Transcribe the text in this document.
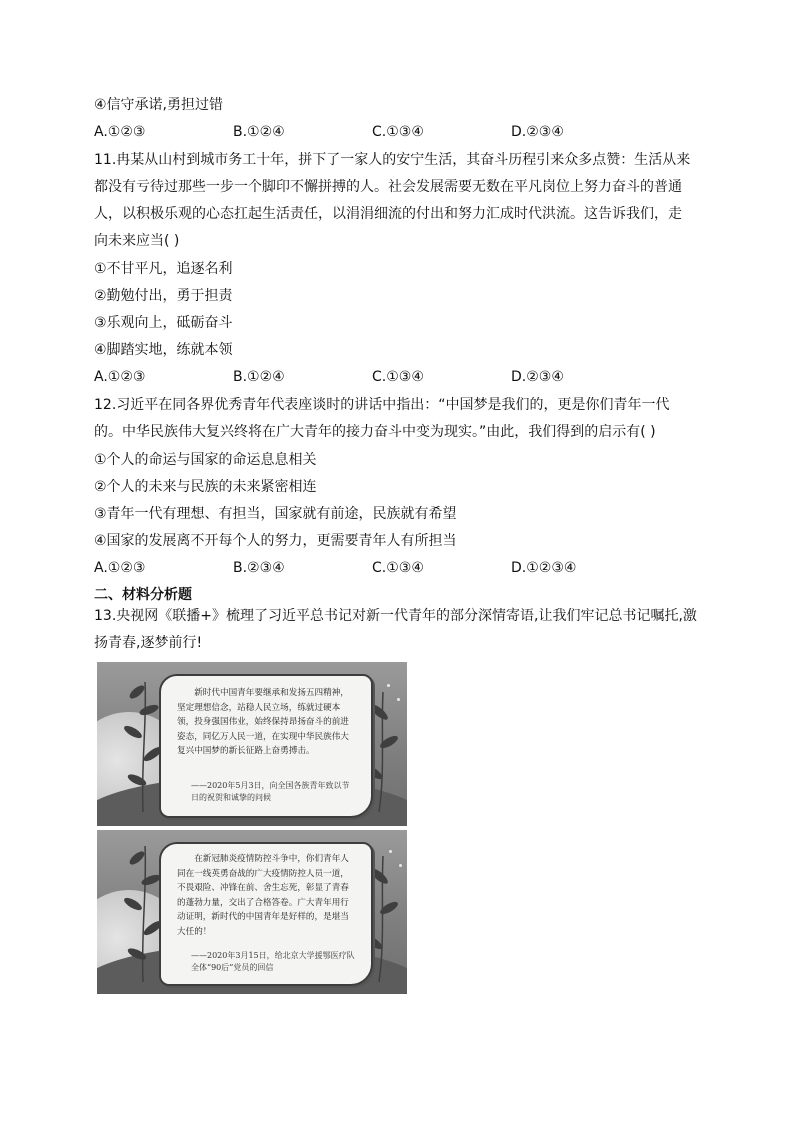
④信守承诺,勇担过错
A.①②③	B.①②④	C.①③④	D.②③④
11.冉某从山村到城市务工十年，拼下了一家人的安宁生活，其奋斗历程引来众多点赞：生活从来
都没有亏待过那些一步一个脚印不懈拼搏的人。社会发展需要无数在平凡岗位上努力奋斗的普通
人，以积极乐观的心态扛起生活责任，以涓涓细流的付出和努力汇成时代洪流。这告诉我们，走
向未来应当( )
①不甘平凡，追逐名利
②勤勉付出，勇于担责
③乐观向上，砥砺奋斗
④脚踏实地，练就本领
A.①②③	B.①②④	C.①③④	D.②③④
12.习近平在同各界优秀青年代表座谈时的讲话中指出：“中国梦是我们的，更是你们青年一代
的。中华民族伟大复兴终将在广大青年的接力奋斗中变为现实。”由此，我们得到的启示有( )
①个人的命运与国家的命运息息相关
②个人的未来与民族的未来紧密相连
③青年一代有理想、有担当，国家就有前途，民族就有希望
④国家的发展离不开每个人的努力，更需要青年人有所担当
A.①②③	B.②③④	C.①③④	D.①②③④
二、材料分析题
13.央视网《联播+》梳理了习近平总书记对新一代青年的部分深情寄语,让我们牢记总书记嘱托,激
扬青春,逐梦前行!
新时代中国青年要继承和发扬五四精神，坚定理想信念，站稳人民立场，练就过硬本领，投身强国伟业，始终保持昂扬奋斗的前进姿态，同亿万人民一道，在实现中华民族伟大复兴中国梦的新长征路上奋勇搏击。
——2020年5月3日，向全国各族青年致以节日的祝贺和诚挚的问候
在新冠肺炎疫情防控斗争中，你们青年人同在一线英勇奋战的广大疫情防控人员一道，不畏艰险、冲锋在前、舍生忘死，彰显了青春的蓬勃力量，交出了合格答卷。广大青年用行动证明，新时代的中国青年是好样的，是堪当大任的！
——2020年3月15日，给北京大学援鄂医疗队全体“90后”党员的回信
